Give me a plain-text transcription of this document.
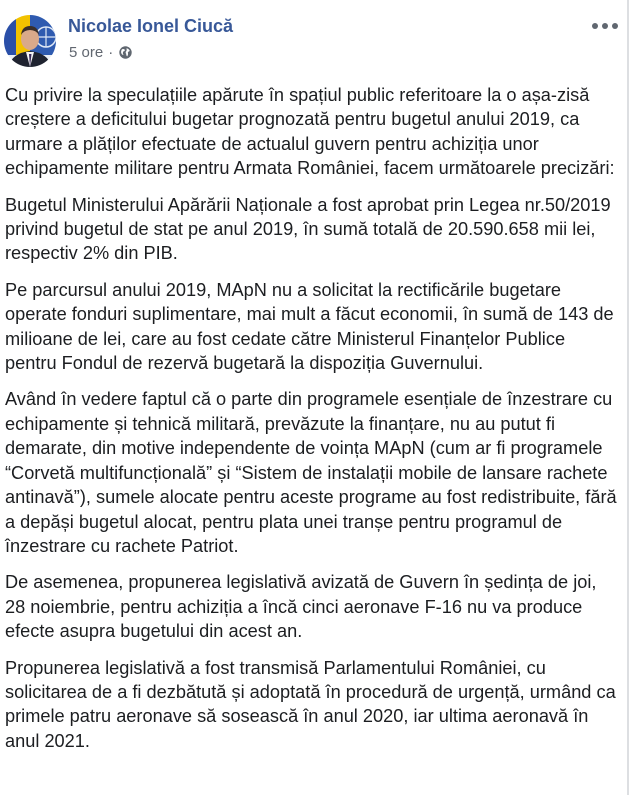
Nicolae Ionel Ciucă
5 ore ·

Cu privire la speculațiile apărute în spațiul public referitoare la o așa-zisă creștere a deficitului bugetar prognozată pentru bugetul anului 2019, ca urmare a plăților efectuate de actualul guvern pentru achiziția unor echipamente militare pentru Armata României, facem următoarele precizări:

Bugetul Ministerului Apărării Naționale a fost aprobat prin Legea nr.50/2019 privind bugetul de stat pe anul 2019, în sumă totală de 20.590.658 mii lei, respectiv 2% din PIB.

Pe parcursul anului 2019, MApN nu a solicitat la rectificările bugetare operate fonduri suplimentare, mai mult a făcut economii, în sumă de 143 de milioane de lei, care au fost cedate către Ministerul Finanțelor Publice pentru Fondul de rezervă bugetară la dispoziția Guvernului.

Având în vedere faptul că o parte din programele esențiale de înzestrare cu echipamente și tehnică militară, prevăzute la finanțare, nu au putut fi demarate, din motive independente de voința MApN (cum ar fi programele “Corvetă multifuncțională” și “Sistem de instalații mobile de lansare rachete antinavă”), sumele alocate pentru aceste programe au fost redistribuite, fără a depăși bugetul alocat, pentru plata unei tranșe pentru programul de înzestrare cu rachete Patriot.

De asemenea, propunerea legislativă avizată de Guvern în ședința de joi, 28 noiembrie, pentru achiziția a încă cinci aeronave F-16 nu va produce efecte asupra bugetului din acest an.

Propunerea legislativă a fost transmisă Parlamentului României, cu solicitarea de a fi dezbătută și adoptată în procedură de urgență, urmând ca primele patru aeronave să sosească în anul 2020, iar ultima aeronavă în anul 2021.
